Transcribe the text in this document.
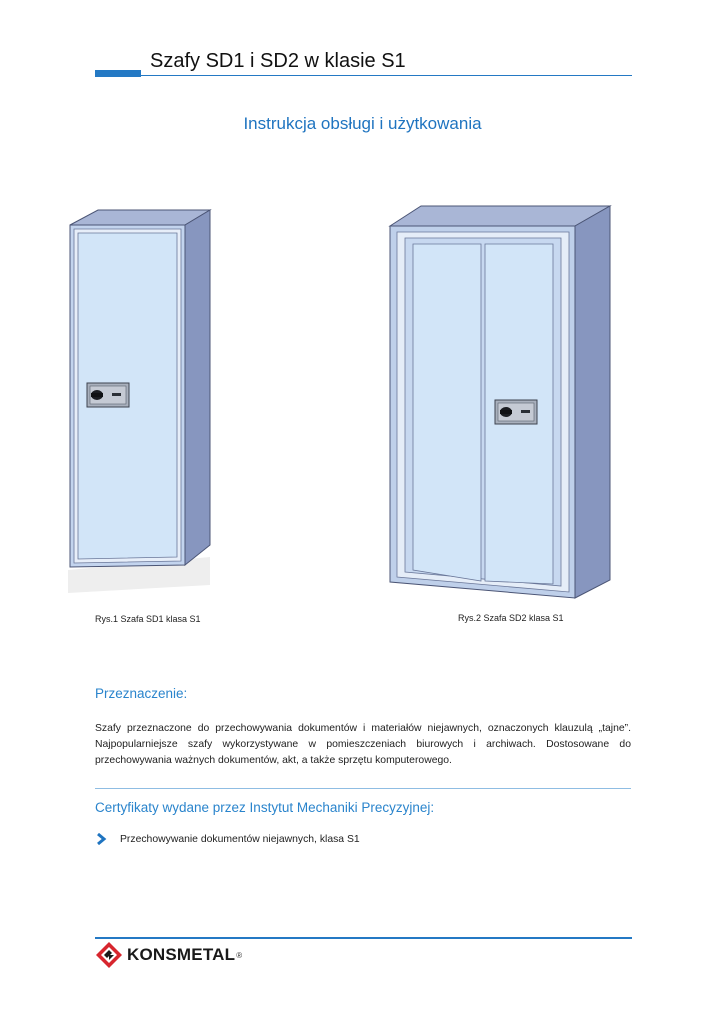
Szafy SD1 i SD2 w klasie S1
Instrukcja obsługi i użytkowania
Rys.1 Szafa SD1 klasa S1	Rys.2 Szafa SD2 klasa S1
Przeznaczenie:
Szafy przeznaczone do przechowywania dokumentów i materiałów niejawnych, oznaczonych klauzulą „tajne”. Najpopularniejsze szafy wykorzystywane w pomieszczeniach biurowych i archiwach. Dostosowane do przechowywania ważnych dokumentów, akt, a także sprzętu komputerowego.
Certyfikaty wydane przez Instytut Mechaniki Precyzyjnej:
Przechowywanie dokumentów niejawnych, klasa S1
KONSMETAL ®
